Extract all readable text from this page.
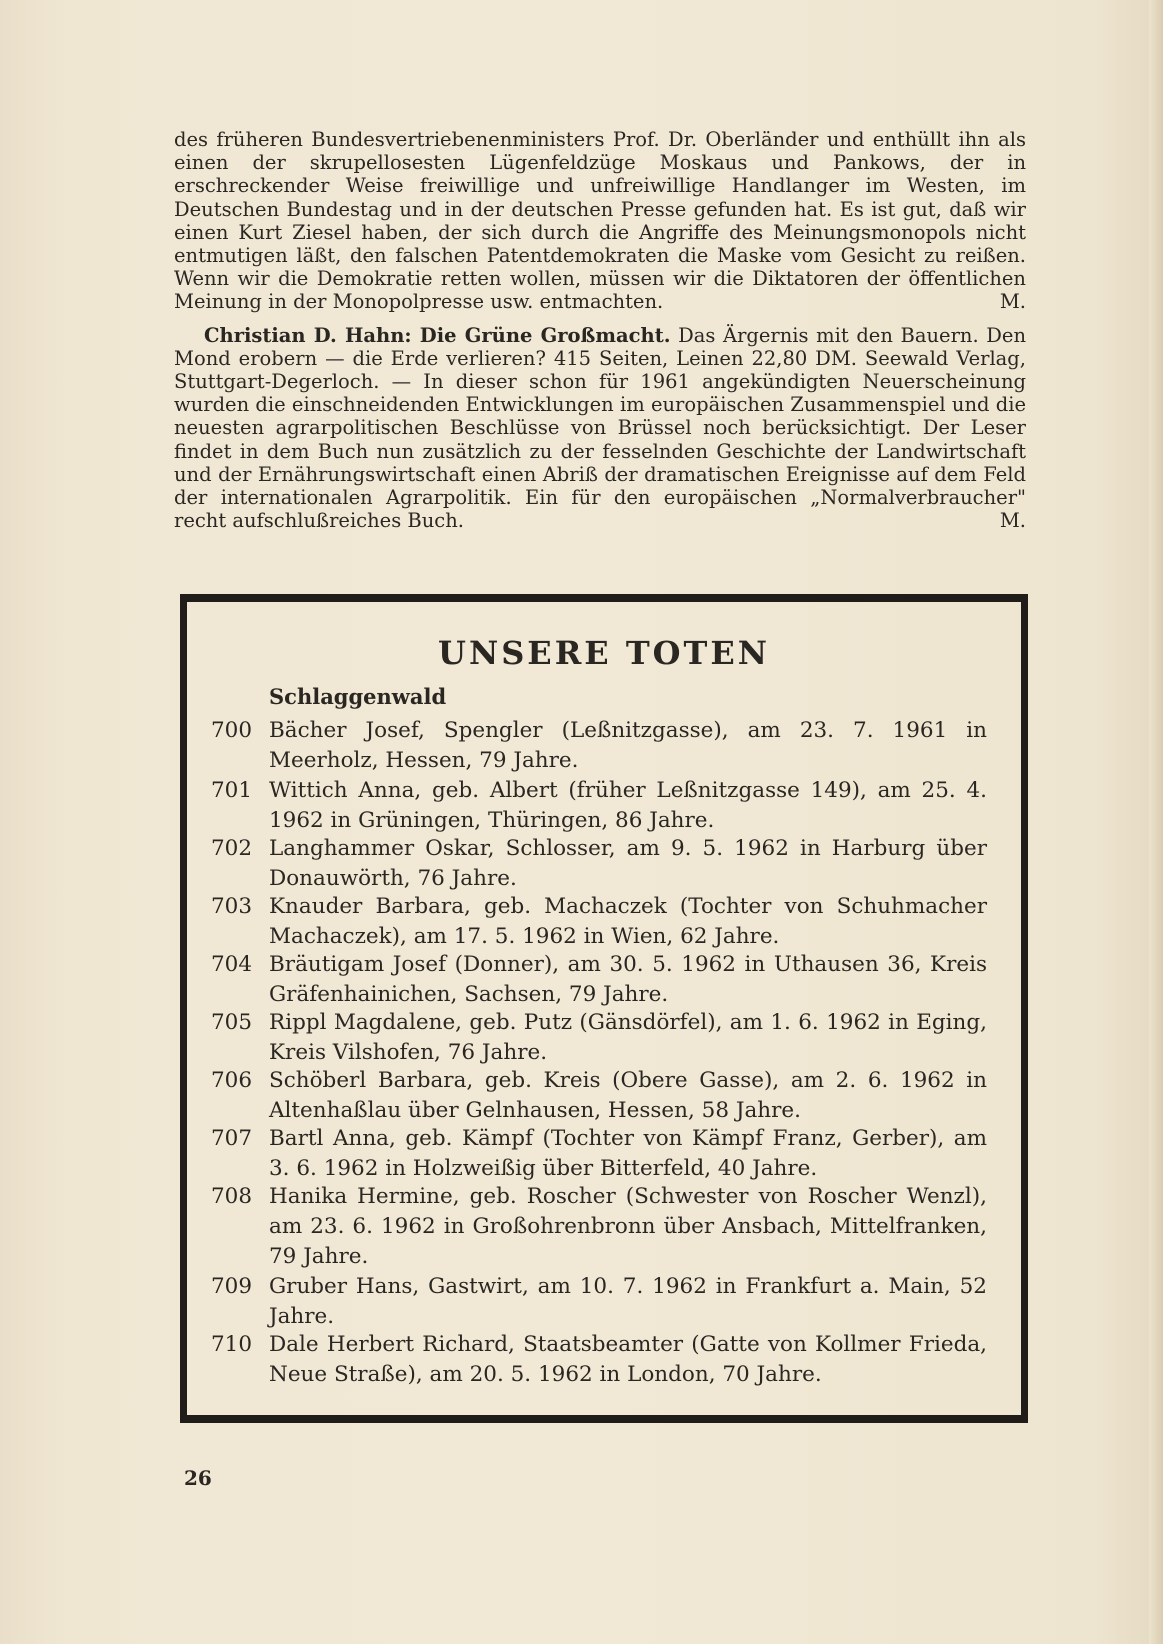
des früheren Bundesvertriebenenministers Prof. Dr. Oberländer und enthüllt ihn als einen der skrupellosesten Lügenfeldzüge Moskaus und Pankows, der in erschreckender Weise freiwillige und unfreiwillige Handlanger im Westen, im Deutschen Bundestag und in der deutschen Presse gefunden hat. Es ist gut, daß wir einen Kurt Ziesel haben, der sich durch die Angriffe des Meinungsmonopols nicht entmutigen läßt, den falschen Patentdemokraten die Maske vom Gesicht zu reißen. Wenn wir die Demokratie retten wollen, müssen wir die Diktatoren der öffentlichen Meinung in der Monopolpresse usw. entmachten.	M.

Christian D. Hahn: Die Grüne Großmacht. Das Ärgernis mit den Bauern. Den Mond erobern — die Erde verlieren? 415 Seiten, Leinen 22,80 DM. Seewald Verlag, Stuttgart-Degerloch. — In dieser schon für 1961 angekündigten Neuerscheinung wurden die einschneidenden Entwicklungen im europäischen Zusammenspiel und die neuesten agrarpolitischen Beschlüsse von Brüssel noch berücksichtigt. Der Leser findet in dem Buch nun zusätzlich zu der fesselnden Geschichte der Landwirtschaft und der Ernährungswirtschaft einen Abriß der dramatischen Ereignisse auf dem Feld der internationalen Agrarpolitik. Ein für den europäischen „Normalverbraucher" recht aufschlußreiches Buch.	M.

UNSERE TOTEN
Schlaggenwald
700 Bächer Josef, Spengler (Leßnitzgasse), am 23. 7. 1961 in Meerholz, Hessen, 79 Jahre.
701 Wittich Anna, geb. Albert (früher Leßnitzgasse 149), am 25. 4. 1962 in Grüningen, Thüringen, 86 Jahre.
702 Langhammer Oskar, Schlosser, am 9. 5. 1962 in Harburg über Donauwörth, 76 Jahre.
703 Knauder Barbara, geb. Machaczek (Tochter von Schuhmacher Machaczek), am 17. 5. 1962 in Wien, 62 Jahre.
704 Bräutigam Josef (Donner), am 30. 5. 1962 in Uthausen 36, Kreis Gräfenhainichen, Sachsen, 79 Jahre.
705 Rippl Magdalene, geb. Putz (Gänsdörfel), am 1. 6. 1962 in Eging, Kreis Vilshofen, 76 Jahre.
706 Schöberl Barbara, geb. Kreis (Obere Gasse), am 2. 6. 1962 in Altenhaßlau über Gelnhausen, Hessen, 58 Jahre.
707 Bartl Anna, geb. Kämpf (Tochter von Kämpf Franz, Gerber), am 3. 6. 1962 in Holzweißig über Bitterfeld, 40 Jahre.
708 Hanika Hermine, geb. Roscher (Schwester von Roscher Wenzl), am 23. 6. 1962 in Großohrenbronn über Ansbach, Mittelfranken, 79 Jahre.
709 Gruber Hans, Gastwirt, am 10. 7. 1962 in Frankfurt a. Main, 52 Jahre.
710 Dale Herbert Richard, Staatsbeamter (Gatte von Kollmer Frieda, Neue Straße), am 20. 5. 1962 in London, 70 Jahre.
26
